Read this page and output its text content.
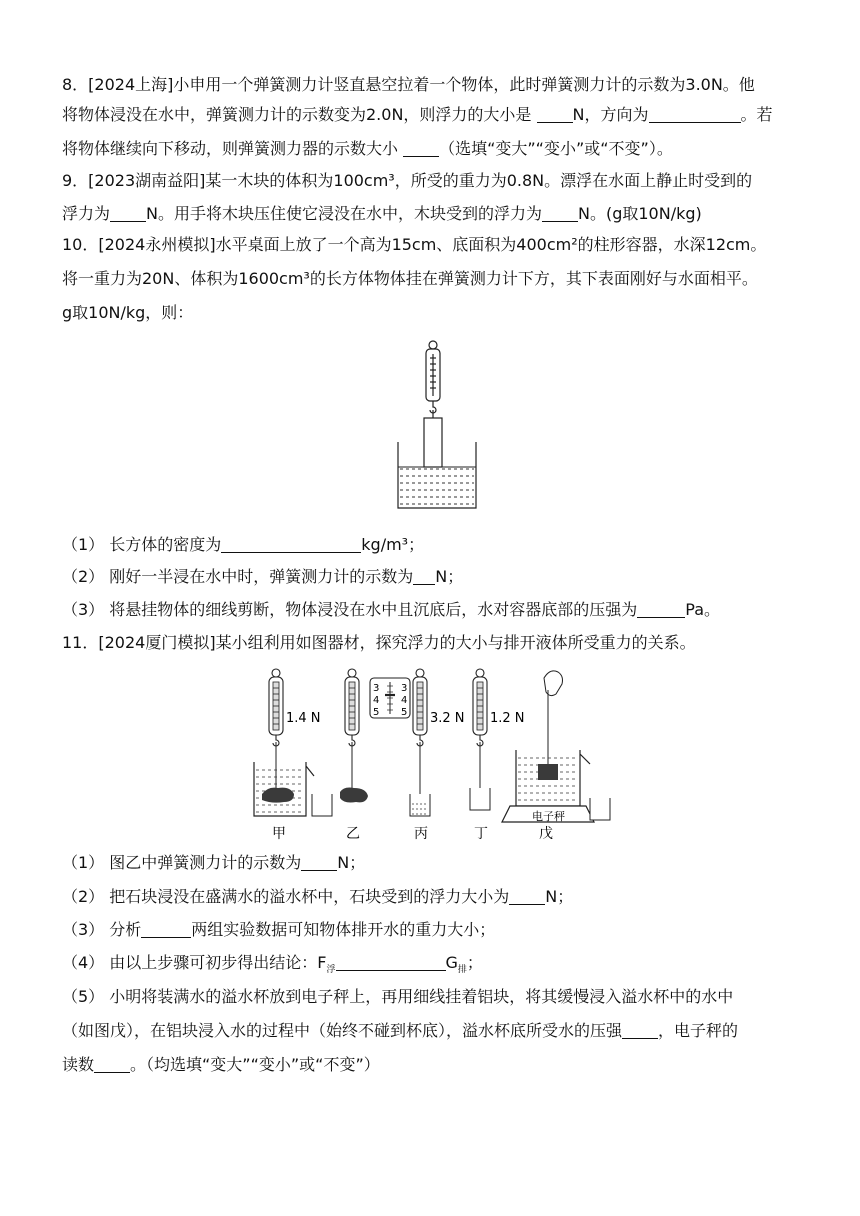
8．[2024上海]小申用一个弹簧测力计竖直悬空拉着一个物体，此时弹簧测力计的示数为3.0N。他
将物体浸没在水中，弹簧测力计的示数变为2.0N，则浮力的大小是 N，方向为	。若
将物体继续向下移动，则弹簧测力器的示数大小 （选填“变大”“变小”或“不变”）。
9．[2023湖南益阳]某一木块的体积为100cm³，所受的重力为0.8N。漂浮在水面上静止时受到的
浮力为 N。用手将木块压住使它浸没在水中，木块受到的浮力为 N。(g取10N/kg)
10．[2024永州模拟]水平桌面上放了一个高为15cm、底面积为400cm²的柱形容器，水深12cm。
将一重力为20N、体积为1600cm³的长方体物体挂在弹簧测力计下方，其下表面刚好与水面相平。
g取10N/kg，则：
（1） 长方体的密度为	kg/m³；
（2） 刚好一半浸在水中时，弹簧测力计的示数为 N；
（3） 将悬挂物体的细线剪断，物体浸没在水中且沉底后，水对容器底部的压强为	Pa。
11．[2024厦门模拟]某小组利用如图器材，探究浮力的大小与排开液体所受重力的关系。
1.4 N
甲
3
4
5
3
4
5
乙
3.2 N
丙
1.2 N
丁
电子秤
戊
（1） 图乙中弹簧测力计的示数为 N；
（2） 把石块浸没在盛满水的溢水杯中，石块受到的浮力大小为 N；
（3） 分析	两组实验数据可知物体排开水的重力大小；
（4） 由以上步骤可初步得出结论：$F_浮$	$G_排$；
（5） 小明将装满水的溢水杯放到电子秤上，再用细线挂着铝块，将其缓慢浸入溢水杯中的水中
（如图戊），在铝块浸入水的过程中（始终不碰到杯底），溢水杯底所受水的压强 ，电子秤的
读数 。（均选填“变大”“变小”或“不变”）
